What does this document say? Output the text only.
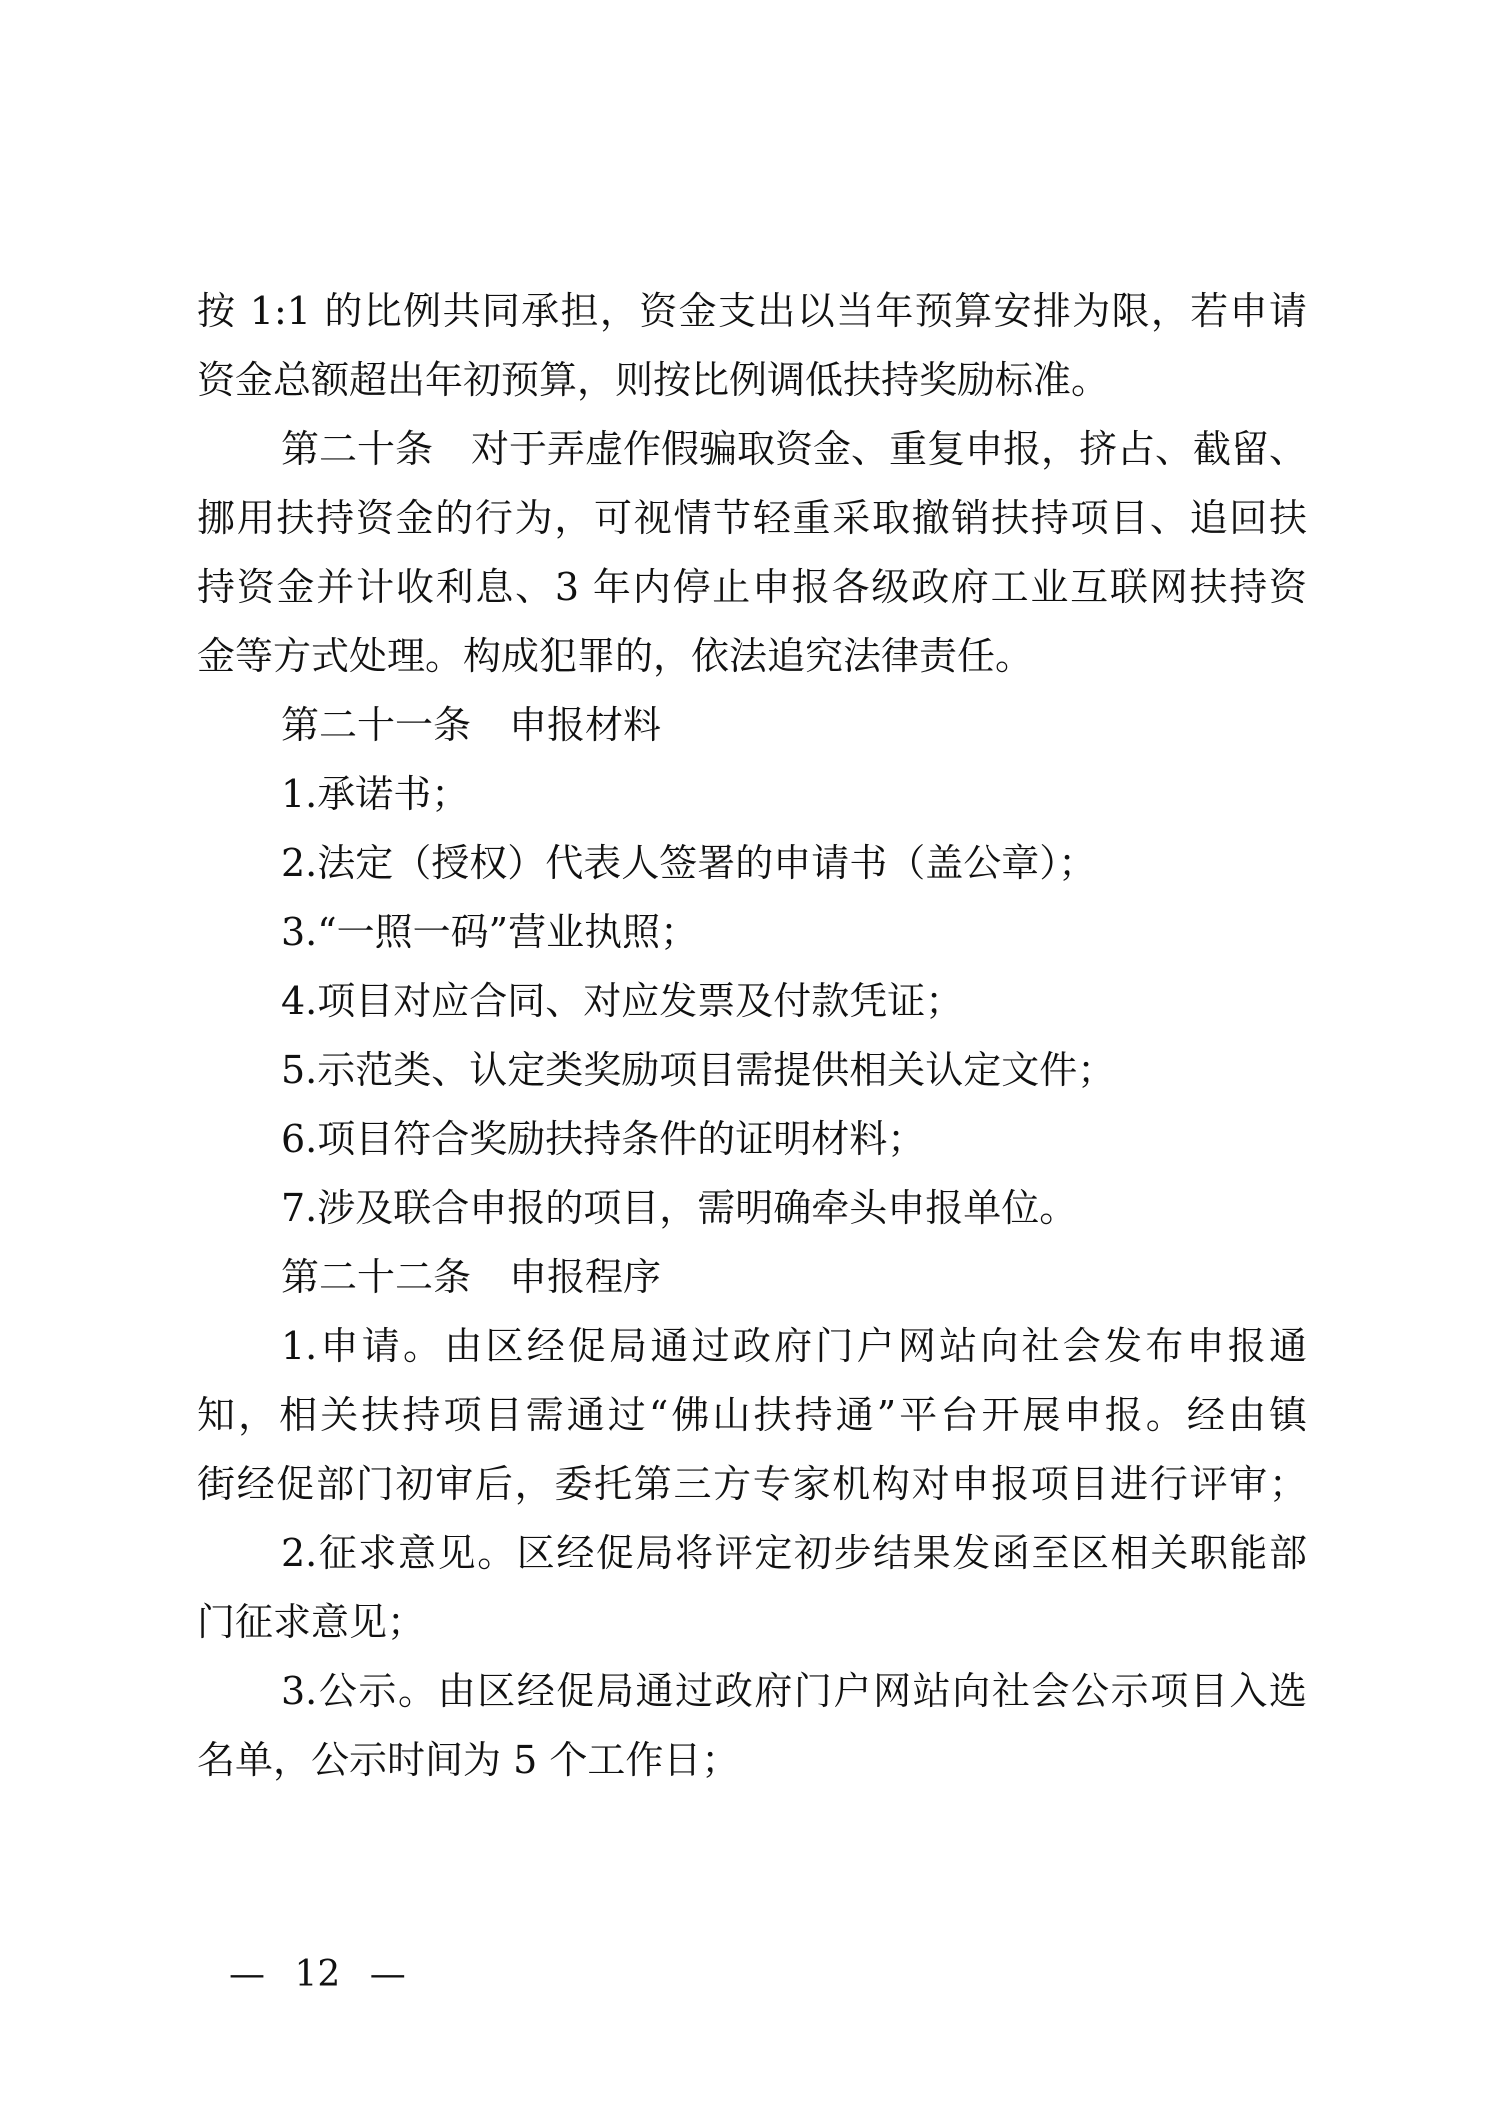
按 1:1 的比例共同承担，资金支出以当年预算安排为限，若申请
资金总额超出年初预算，则按比例调低扶持奖励标准。
第二十条　对于弄虚作假骗取资金、重复申报，挤占、截留、
挪用扶持资金的行为，可视情节轻重采取撤销扶持项目、追回扶
持资金并计收利息、3 年内停止申报各级政府工业互联网扶持资
金等方式处理。构成犯罪的，依法追究法律责任。
第二十一条　申报材料
1.承诺书；
2.法定（授权）代表人签署的申请书（盖公章）；
3.“一照一码”营业执照；
4.项目对应合同、对应发票及付款凭证；
5.示范类、认定类奖励项目需提供相关认定文件；
6.项目符合奖励扶持条件的证明材料；
7.涉及联合申报的项目，需明确牵头申报单位。
第二十二条　申报程序
1.申请。由区经促局通过政府门户网站向社会发布申报通
知，相关扶持项目需通过“佛山扶持通”平台开展申报。经由镇
街经促部门初审后，委托第三方专家机构对申报项目进行评审；
2.征求意见。区经促局将评定初步结果发函至区相关职能部
门征求意见；
3.公示。由区经促局通过政府门户网站向社会公示项目入选
名单，公示时间为 5 个工作日；
— 12 —
